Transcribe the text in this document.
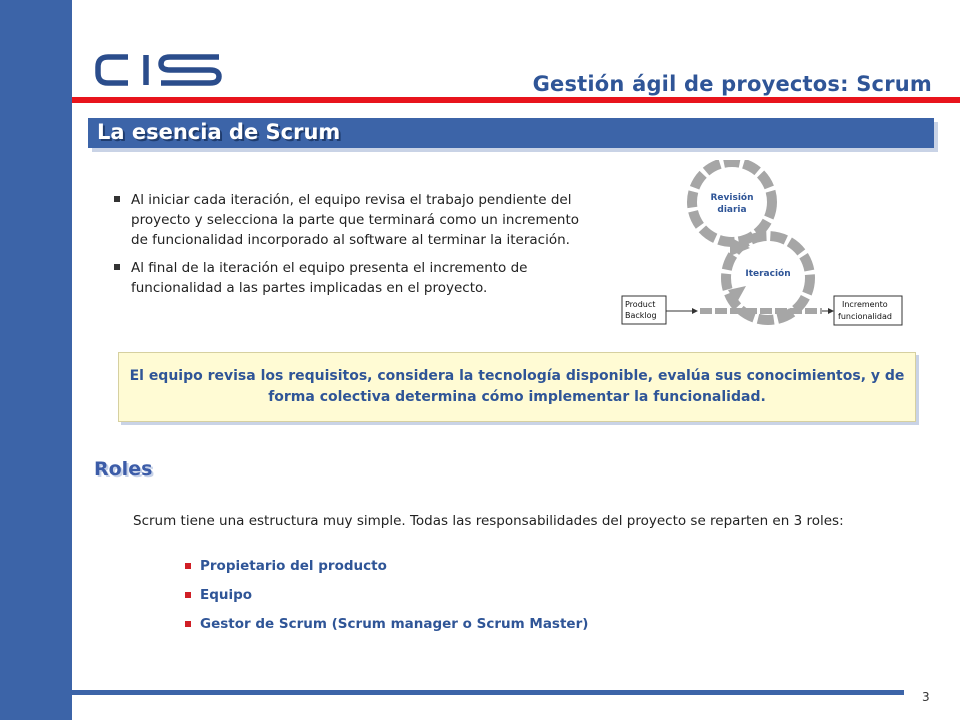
Gestión ágil de proyectos: Scrum
La esencia de Scrum
Al iniciar cada iteración, el equipo revisa el trabajo pendiente del proyecto y selecciona la parte que terminará como un incremento de funcionalidad incorporado al software al terminar la iteración.
Al final de la iteración el equipo presenta el incremento de funcionalidad a las partes implicadas en el proyecto.
Revisión
diaria
Iteración
Product
Backlog
Incremento
funcionalidad
El equipo revisa los requisitos, considera la tecnología disponible, evalúa sus conocimientos, y de forma colectiva determina cómo implementar la funcionalidad.
Roles

Scrum tiene una estructura muy simple. Todas las responsabilidades del proyecto se reparten en 3 roles:

Propietario del producto
Equipo
Gestor de Scrum (Scrum manager o Scrum Master)
3
